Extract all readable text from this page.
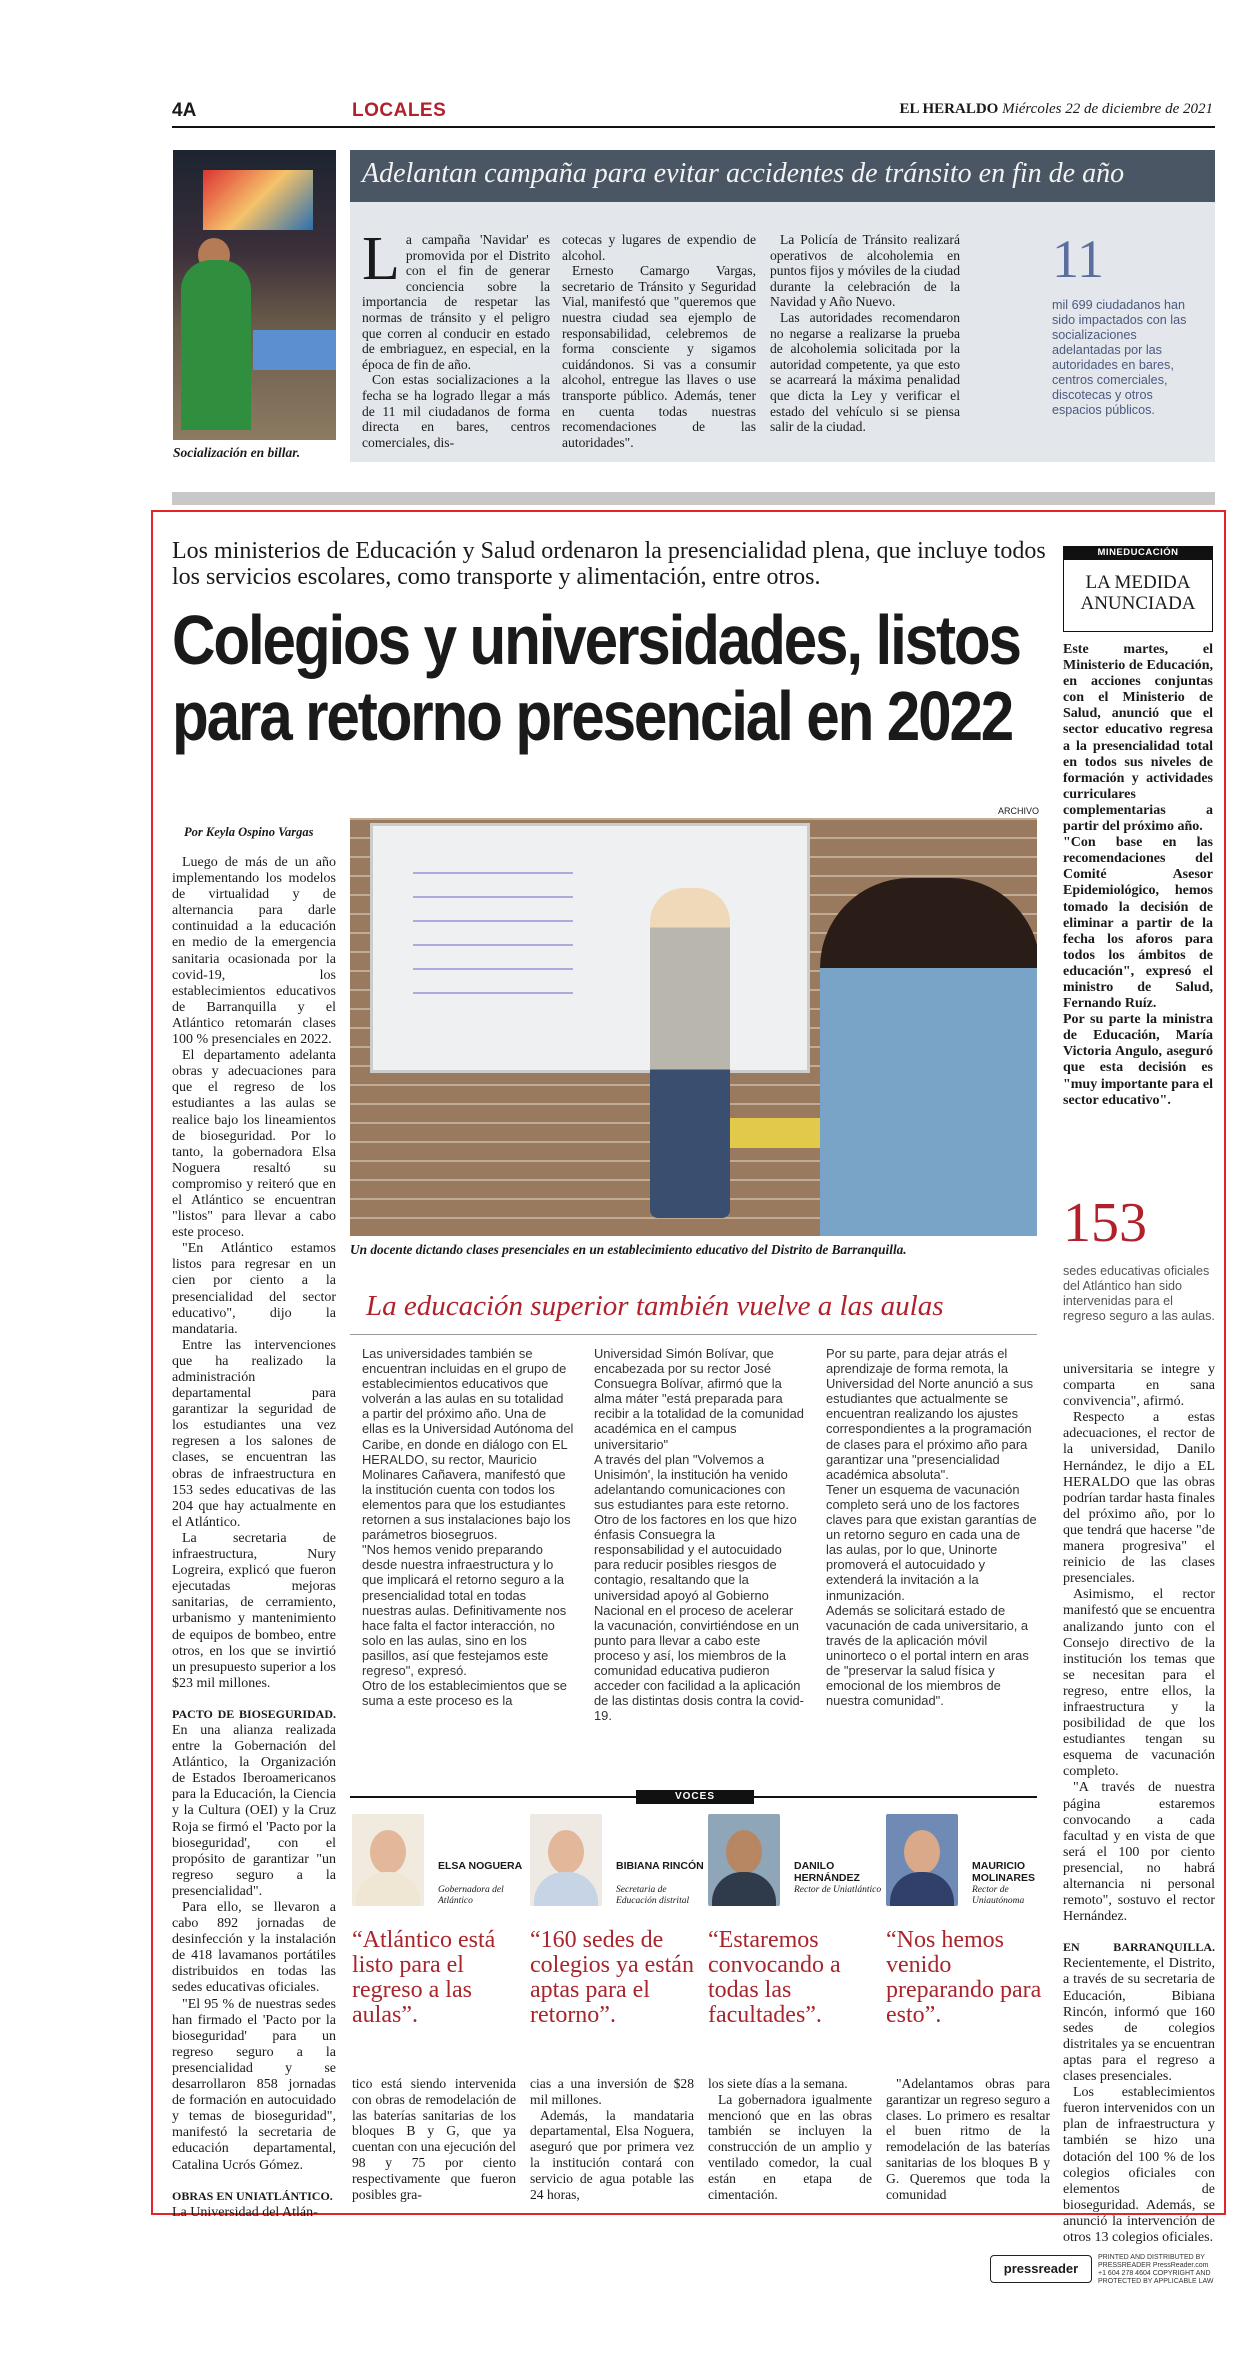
4A	LOCALES	EL HERALDO Miércoles 22 de diciembre de 2021
Socialización en billar.
Adelantan campaña para evitar accidentes de tránsito en fin de año
L a campaña 'Navidar' es promovida por el Distrito con el fin de generar conciencia sobre la importancia de respetar las normas de tránsito y el peligro que corren al conducir en estado de embriaguez, en especial, en la época de fin de año.

Con estas socializaciones a la fecha se ha logrado llegar a más de 11 mil ciudadanos de forma directa en bares, centros comerciales, dis-

cotecas y lugares de expendio de alcohol.

Ernesto Camargo Vargas, secretario de Tránsito y Seguridad Vial, manifestó que "queremos que nuestra ciudad sea ejemplo de responsabilidad, celebremos de forma consciente y sigamos cuidándonos. Si vas a consumir alcohol, entregue las llaves o use transporte público. Además, tener en cuenta todas nuestras recomendaciones de las autoridades".

La Policía de Tránsito realizará operativos de alcoholemia en puntos fijos y móviles de la ciudad durante la celebración de la Navidad y Año Nuevo.

Las autoridades recomendaron no negarse a realizarse la prueba de alcoholemia solicitada por la autoridad competente, ya que esto se acarreará la máxima penalidad que dicta la Ley y verificar el estado del vehículo si se piensa salir de la ciudad.

11
mil 699 ciudadanos han sido impactados con las socializaciones adelantadas por las autoridades en bares, centros comerciales, discotecas y otros espacios públicos.
Los ministerios de Educación y Salud ordenaron la presencialidad plena, que incluye todos los servicios escolares, como transporte y alimentación, entre otros.
Colegios y universidades, listos
para retorno presencial en 2022
ARCHIVO
Por Keyla Ospino Vargas
Un docente dictando clases presenciales en un establecimiento educativo del Distrito de Barranquilla.

Luego de más de un año implementando los modelos de virtualidad y de alternancia para darle continuidad a la educación en medio de la emergencia sanitaria ocasionada por la covid-19, los establecimientos educativos de Barranquilla y el Atlántico retomarán clases 100 % presenciales en 2022.

El departamento adelanta obras y adecuaciones para que el regreso de los estudiantes a las aulas se realice bajo los lineamientos de bioseguridad. Por lo tanto, la gobernadora Elsa Noguera resaltó su compromiso y reiteró que en el Atlántico se encuentran "listos" para llevar a cabo este proceso.

"En Atlántico estamos listos para regresar en un cien por ciento a la presencialidad del sector educativo", dijo la mandataria.

Entre las intervenciones que ha realizado la administración departamental para garantizar la seguridad de los estudiantes una vez regresen a los salones de clases, se encuentran las obras de infraestructura en 153 sedes educativas de las 204 que hay actualmente en el Atlántico.

La secretaria de infraestructura, Nury Logreira, explicó que fueron ejecutadas mejoras sanitarias, de cerramiento, urbanismo y mantenimiento de equipos de bombeo, entre otros, en los que se invirtió un presupuesto superior a los $23 mil millones.

PACTO DE BIOSEGURIDAD. En una alianza realizada entre la Gobernación del Atlántico, la Organización de Estados Iberoamericanos para la Educación, la Ciencia y la Cultura (OEI) y la Cruz Roja se firmó el 'Pacto por la bioseguridad', con el propósito de garantizar "un regreso seguro a la presencialidad".

Para ello, se llevaron a cabo 892 jornadas de desinfección y la instalación de 418 lavamanos portátiles distribuidos en todas las sedes educativas oficiales.

"El 95 % de nuestras sedes han firmado el 'Pacto por la bioseguridad' para un regreso seguro a la presencialidad y se desarrollaron 858 jornadas de formación en autocuidado y temas de bioseguridad", manifestó la secretaria de educación departamental, Catalina Ucrós Gómez.

OBRAS EN UNIATLÁNTICO.

La Universidad del Atlán-

MINEDUCACIÓN
LA MEDIDA ANUNCIADA

Este martes, el Ministerio de Educación, en acciones conjuntas con el Ministerio de Salud, anunció que el sector educativo regresa a la presencialidad total en todos sus niveles de formación y actividades curriculares complementarias a partir del próximo año.

"Con base en las recomendaciones del Comité Asesor Epidemiológico, hemos tomado la decisión de eliminar a partir de la fecha los aforos para todos los ámbitos de educación", expresó el ministro de Salud, Fernando Ruíz.

Por su parte la ministra de Educación, María Victoria Angulo, aseguró que esta decisión es "muy importante para el sector educativo".

153
sedes educativas oficiales del Atlántico han sido intervenidas para el regreso seguro a las aulas.
La educación superior también vuelve a las aulas

Las universidades también se encuentran incluidas en el grupo de establecimientos educativos que volverán a las aulas en su totalidad a partir del próximo año. Una de ellas es la Universidad Autónoma del Caribe, en donde en diálogo con EL HERALDO, su rector, Mauricio Molinares Cañavera, manifestó que la institución cuenta con todos los elementos para que los estudiantes retornen a sus instalaciones bajo los parámetros biosegruos.

"Nos hemos venido preparando desde nuestra infraestructura y lo que implicará el retorno seguro a la presencialidad total en todas nuestras aulas. Definitivamente nos hace falta el factor interacción, no solo en las aulas, sino en los pasillos, así que festejamos este regreso", expresó.

Otro de los establecimientos que se suma a este proceso es la

Universidad Simón Bolívar, que encabezada por su rector José Consuegra Bolívar, afirmó que la alma máter "está preparada para recibir a la totalidad de la comunidad académica en el campus universitario"

A través del plan "Volvemos a Unisimón', la institución ha venido adelantando comunicaciones con sus estudiantes para este retorno. Otro de los factores en los que hizo énfasis Consuegra la responsabilidad y el autocuidado para reducir posibles riesgos de contagio, resaltando que la universidad apoyó al Gobierno Nacional en el proceso de acelerar la vacunación, convirtiéndose en un punto para llevar a cabo este proceso y así, los miembros de la comunidad educativa pudieron acceder con facilidad a la aplicación de las distintas dosis contra la covid-19.

Por su parte, para dejar atrás el aprendizaje de forma remota, la Universidad del Norte anunció a sus estudiantes que actualmente se encuentran realizando los ajustes correspondientes a la programación de clases para el próximo año para garantizar una "presencialidad académica absoluta".

Tener un esquema de vacunación completo será uno de los factores claves para que existan garantías de un retorno seguro en cada una de las aulas, por lo que, Uninorte promoverá el autocuidado y extenderá la invitación a la inmunización.

Además se solicitará estado de vacunación de cada universitario, a través de la aplicación móvil uninorteco o el portal intern en aras de "preservar la salud física y emocional de los miembros de nuestra comunidad".

universitaria se integre y comparta en sana convivencia", afirmó.

Respecto a estas adecuaciones, el rector de la universidad, Danilo Hernández, le dijo a EL HERALDO que las obras podrían tardar hasta finales del próximo año, por lo que tendrá que hacerse "de manera progresiva" el reinicio de las clases presenciales.

Asimismo, el rector manifestó que se encuentra analizando junto con el Consejo directivo de la institución los temas que se necesitan para el regreso, entre ellos, la infraestructura y la posibilidad de que los estudiantes tengan su esquema de vacunación completo.

"A través de nuestra página estaremos convocando a cada facultad y en vista de que será el 100 por ciento presencial, no habrá alternancia ni personal remoto", sostuvo el rector Hernández.

EN BARRANQUILLA. Recientemente, el Distrito, a través de su secretaria de Educación, Bibiana Rincón, informó que 160 sedes de colegios distritales ya se encuentran aptas para el regreso a clases presenciales.

Los establecimientos fueron intervenidos con un plan de infraestructura y también se hizo una dotación del 100 % de los colegios oficiales con elementos de bioseguridad. Además, se anunció la intervención de otros 13 colegios oficiales.

VOCES
ELSA NOGUERA
Gobernadora del Atlántico
“Atlántico está listo para el regreso a las aulas”.
BIBIANA RINCÓN
Secretaria de Educación distrital
“160 sedes de colegios ya están aptas para el retorno”.
DANILO HERNÁNDEZ
Rector de Uniatlántico
“Estaremos convocando a todas las facultades”.
MAURICIO MOLINARES
Rector de Uniautónoma
“Nos hemos venido preparando para esto”.

tico está siendo intervenida con obras de remodelación de las baterías sanitarias de los bloques B y G, que ya cuentan con una ejecución del 98 y 75 por ciento respectivamente que fueron posibles gra-

cias a una inversión de $28 mil millones.

Además, la mandataria departamental, Elsa Noguera, aseguró que por primera vez la institución contará con servicio de agua potable las 24 horas,

los siete días a la semana.

La gobernadora igualmente mencionó que en las obras también se incluyen la construcción de un amplio y ventilado comedor, la cual están en etapa de cimentación.

"Adelantamos obras para garantizar un regreso seguro a clases. Lo primero es resaltar el buen ritmo de la remodelación de las baterías sanitarias de los bloques B y G. Queremos que toda la comunidad

pressreader
PRINTED AND DISTRIBUTED BY PRESSREADER PressReader.com +1 604 278 4604 COPYRIGHT AND PROTECTED BY APPLICABLE LAW
